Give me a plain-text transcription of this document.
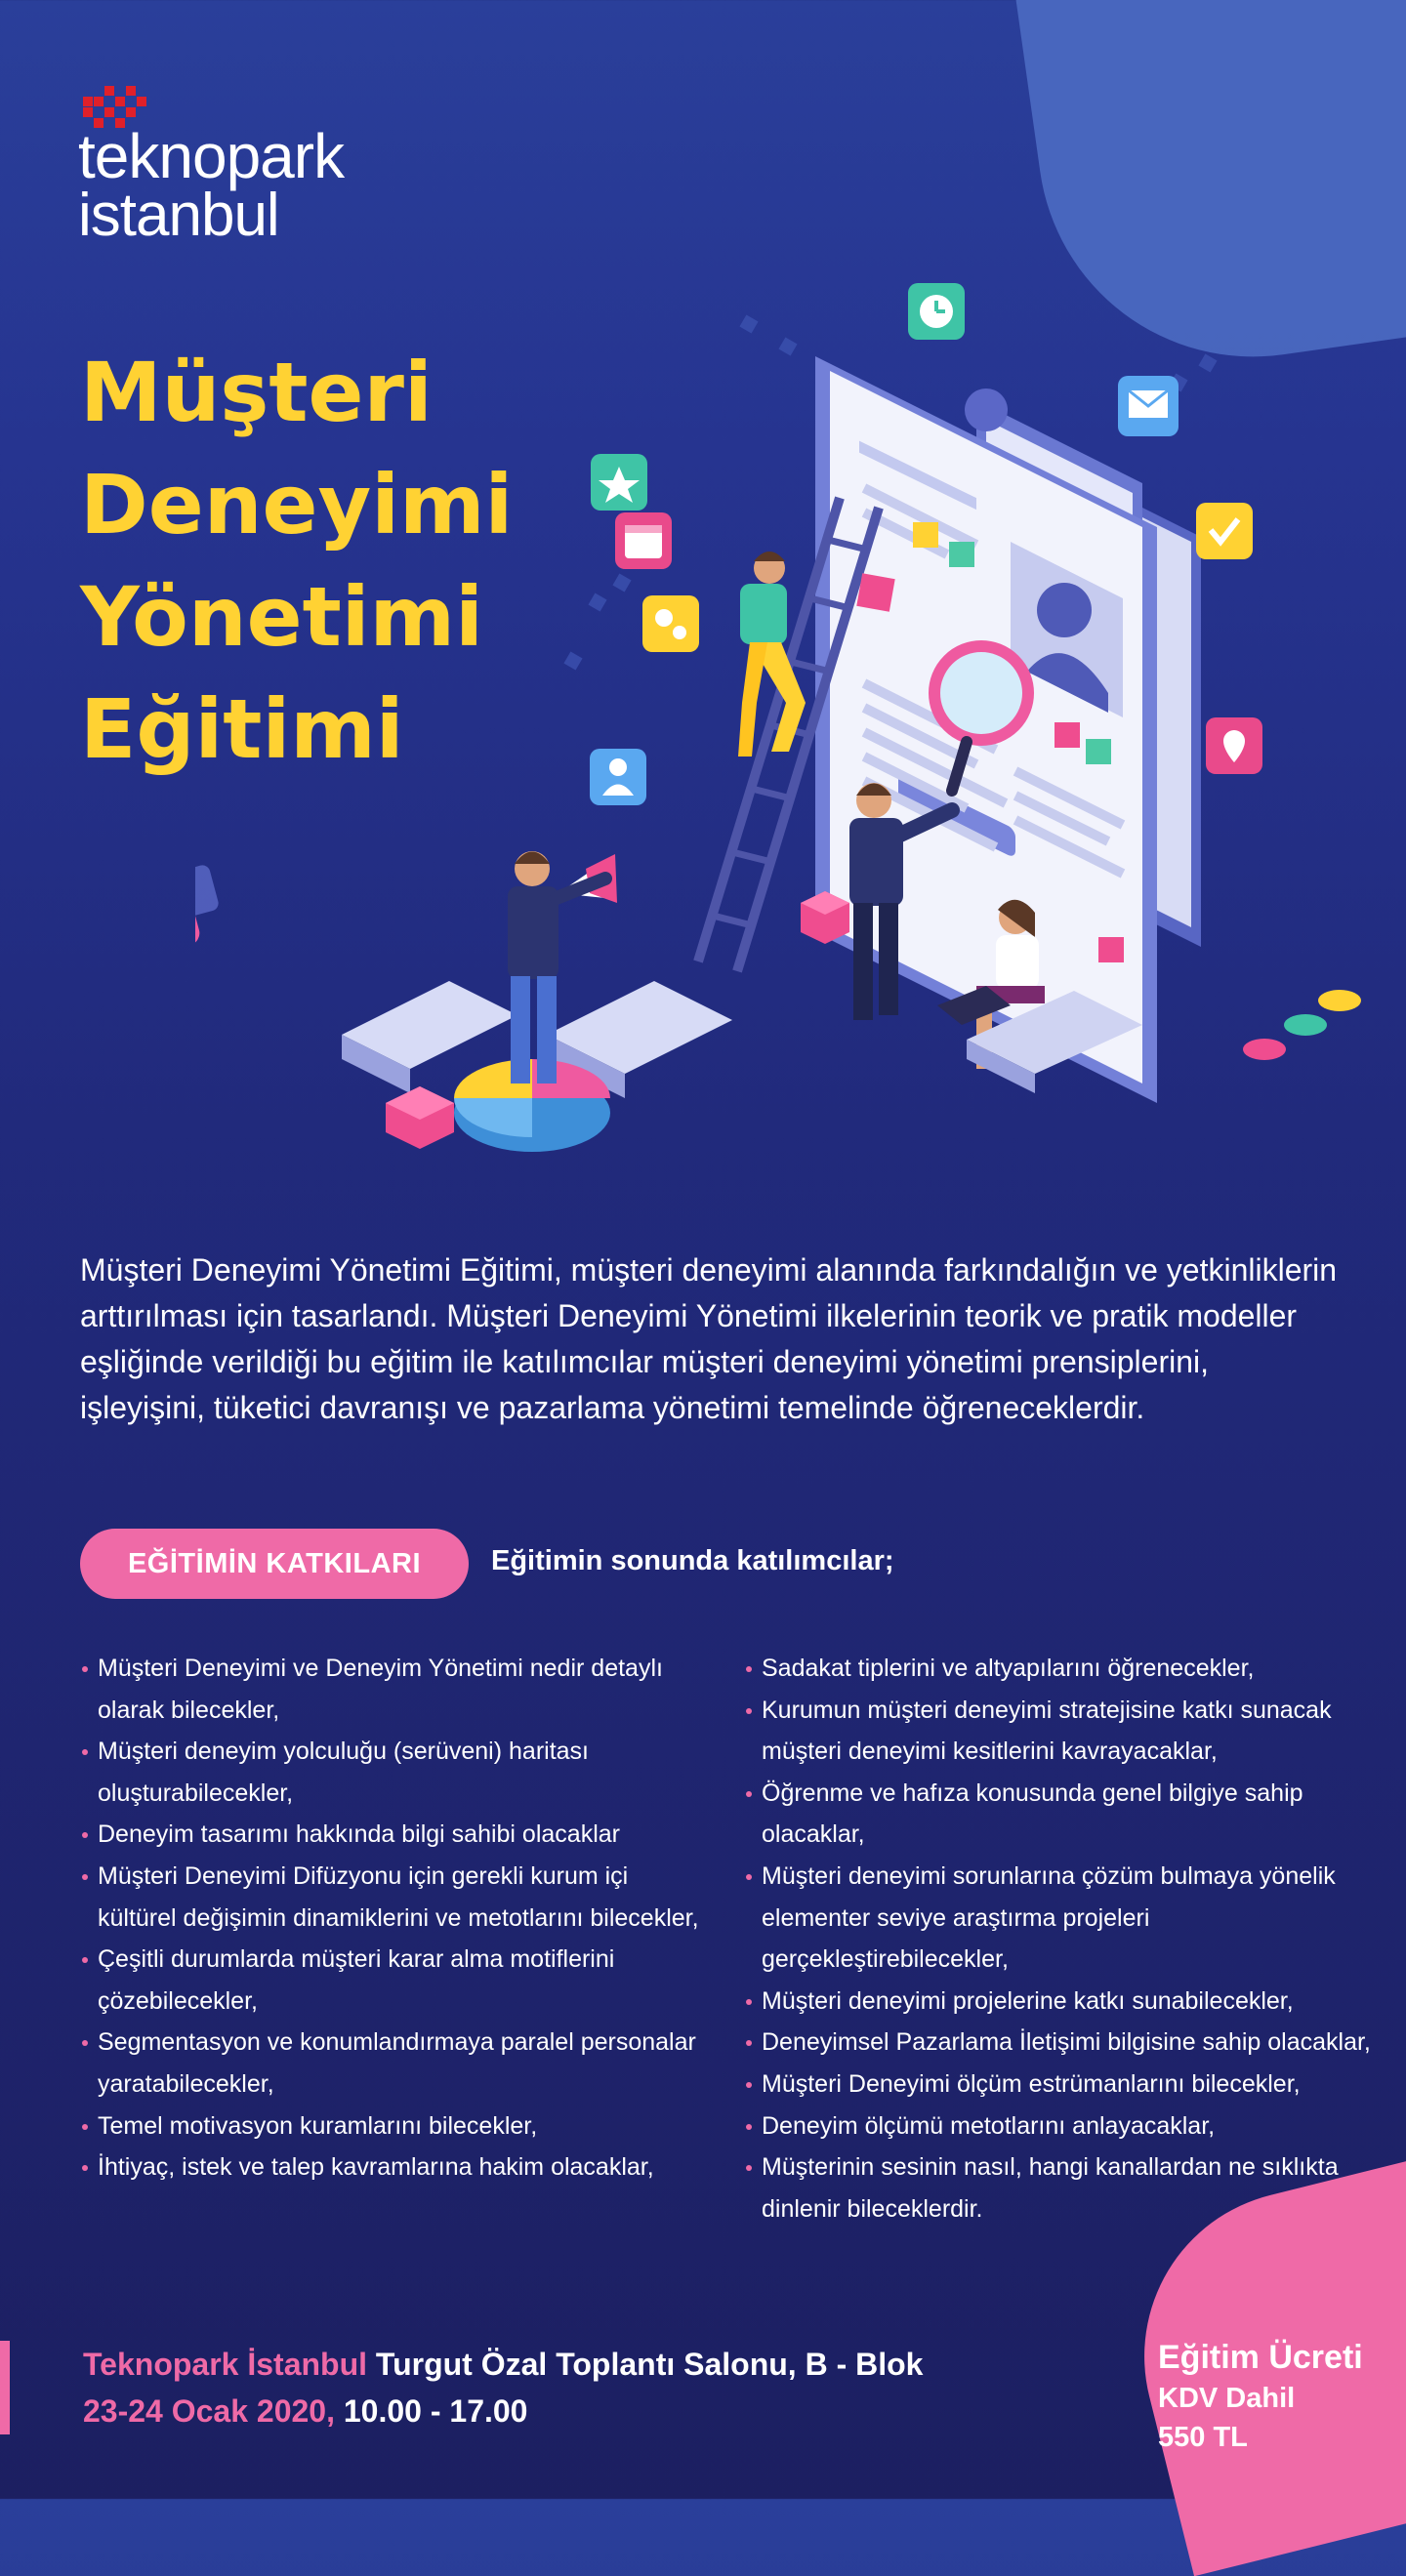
teknopark
istanbul
Müşteri
Deneyimi
Yönetimi
Eğitimi
Müşteri Deneyimi Yönetimi Eğitimi, müşteri deneyimi alanında farkındalığın ve yetkinliklerin arttırılması için tasarlandı. Müşteri Deneyimi Yönetimi ilkelerinin teorik ve pratik modeller eşliğinde verildiği bu eğitim ile katılımcılar müşteri deneyimi yönetimi prensiplerini, işleyişini, tüketici davranışı ve pazarlama yönetimi temelinde öğreneceklerdir.
EĞİTİMİN KATKILARI	Eğitimin sonunda katılımcılar;
Müşteri Deneyimi ve Deneyim Yönetimi nedir detaylı olarak bilecekler,
Müşteri deneyim yolculuğu (serüveni) haritası oluşturabilecekler,
Deneyim tasarımı hakkında bilgi sahibi olacaklar
Müşteri Deneyimi Difüzyonu için gerekli kurum içi kültürel değişimin dinamiklerini ve metotlarını bilecekler,
Çeşitli durumlarda müşteri karar alma motiflerini çözebilecekler,
Segmentasyon ve konumlandırmaya paralel personalar yaratabilecekler,
Temel motivasyon kuramlarını bilecekler,
İhtiyaç, istek ve talep kavramlarına hakim olacaklar,
Sadakat tiplerini ve altyapılarını öğrenecekler,
Kurumun müşteri deneyimi stratejisine katkı sunacak müşteri deneyimi kesitlerini kavrayacaklar,
Öğrenme ve hafıza konusunda genel bilgiye sahip olacaklar,
Müşteri deneyimi sorunlarına çözüm bulmaya yönelik elementer seviye araştırma projeleri gerçekleştirebilecekler,
Müşteri deneyimi projelerine katkı sunabilecekler,
Deneyimsel Pazarlama İletişimi bilgisine sahip olacaklar,
Müşteri Deneyimi ölçüm estrümanlarını bilecekler,
Deneyim ölçümü metotlarını anlayacaklar,
Müşterinin sesinin nasıl, hangi kanallardan ne sıklıkta dinlenir bileceklerdir.
Teknopark İstanbul Turgut Özal Toplantı Salonu, B - Blok
23-24 Ocak 2020, 10.00 - 17.00
Eğitim Ücreti
KDV Dahil
550 TL
